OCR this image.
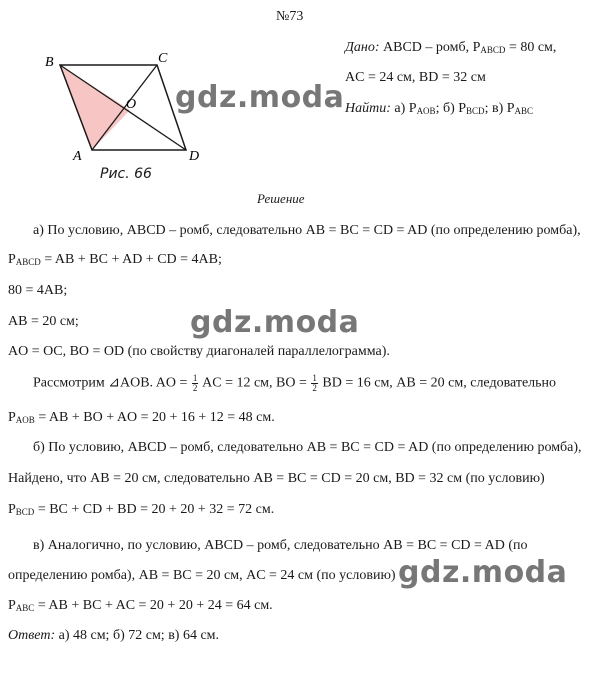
№73
B	C
O
A	D
Рис. 66
Дано: ABCD – ромб, $P_{ABCD} = 80$ см,
AC = 24 см, BD = 32 см
Найти: а) $P_{AOB}$; б) $P_{BCD}$; в) $P_{ABC}$
Решение
а) По условию, ABCD – ромб, следовательно AB = BC = CD = AD (по определению ромба),
$P_{ABCD}$ = AB + BC + AD + CD = 4AB;
80 = 4AB;
AB = 20 см;
AO = OC, BO = OD (по свойству диагоналей параллелограмма).
Рассмотрим ⊿AOB. AO = $\frac{1}{2}$ AC = 12 см, BO = $\frac{1}{2}$ BD = 16 см, AB = 20 см, следовательно
$P_{AOB}$ = AB + BO + AO = 20 + 16 + 12 = 48 см.
б) По условию, ABCD – ромб, следовательно AB = BC = CD = AD (по определению ромба),
Найдено, что AB = 20 см, следовательно AB = BC = CD = 20 см, BD = 32 см (по условию)
$P_{BCD}$ = BC + CD + BD = 20 + 20 + 32 = 72 см.
в) Аналогично, по условию, ABCD – ромб, следовательно AB = BC = CD = AD (по
определению ромба), AB = BC = 20 см, AC = 24 см (по условию)
$P_{ABC}$ = AB + BC + AC = 20 + 20 + 24 = 64 см.
Ответ: а) 48 см; б) 72 см; в) 64 см.
gdz.moda
gdz.moda
gdz.moda
